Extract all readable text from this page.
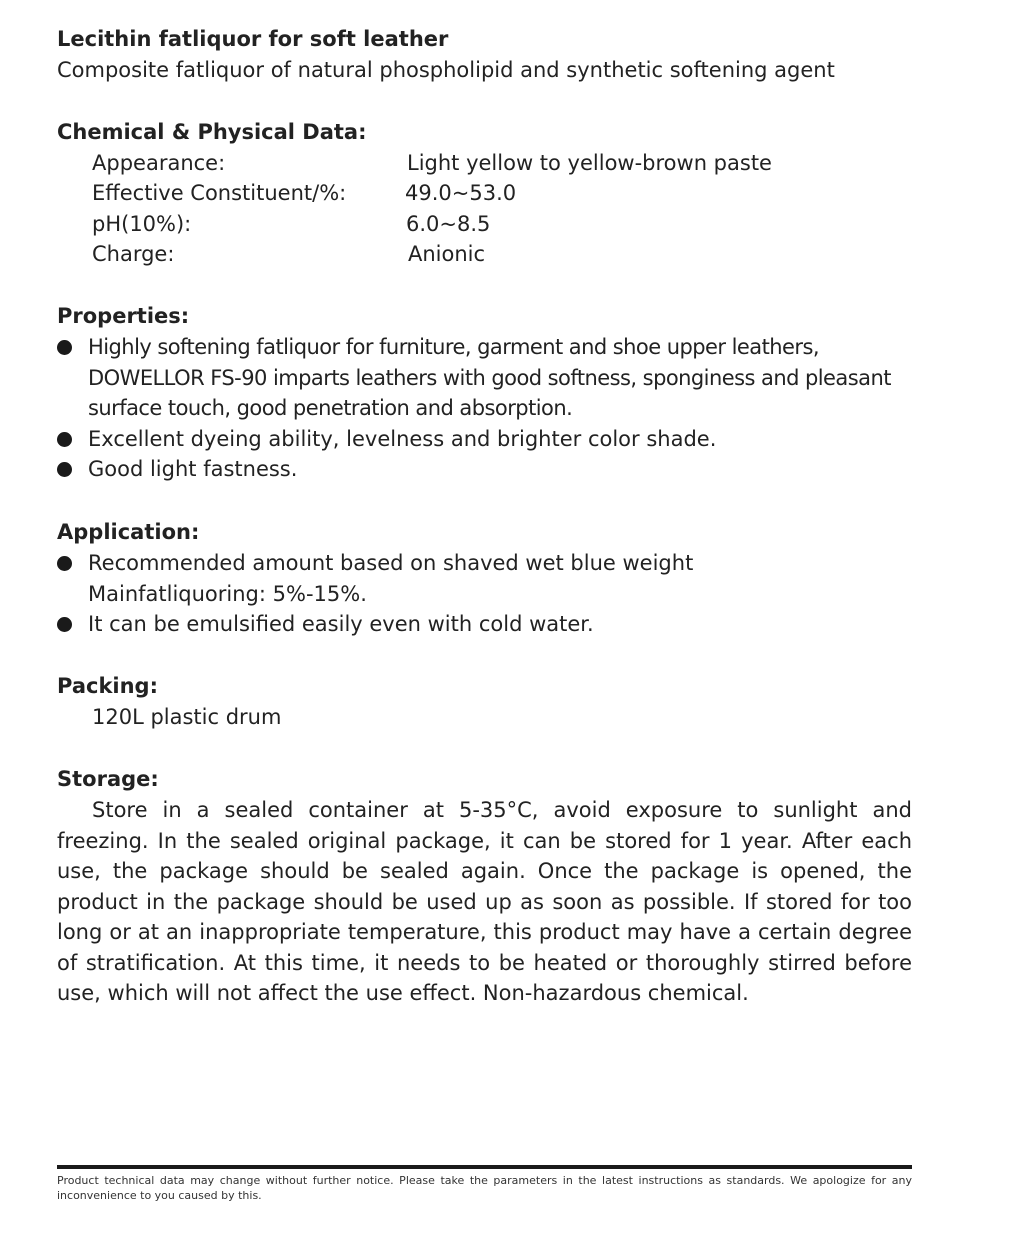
Lecithin fatliquor for soft leather
Composite fatliquor of natural phospholipid and synthetic softening agent
Chemical & Physical Data:
Appearance:	Light yellow to yellow-brown paste
Effective Constituent/%:	49.0~53.0
pH(10%):	6.0~8.5
Charge:	Anionic
Properties:
Highly softening fatliquor for furniture, garment and shoe upper leathers, DOWELLOR FS-90 imparts leathers with good softness, sponginess and pleasant surface touch, good penetration and absorption.
Excellent dyeing ability, levelness and brighter color shade.
Good light fastness.
Application:
Recommended amount based on shaved wet blue weight
Mainfatliquoring: 5%-15%.
It can be emulsified easily even with cold water.
Packing:
120L plastic drum
Storage:

Store in a sealed container at 5-35°C, avoid exposure to sunlight and freezing. In the sealed original package, it can be stored for 1 year. After each use, the package should be sealed again. Once the package is opened, the product in the package should be used up as soon as possible. If stored for too long or at an inappropriate temperature, this product may have a certain degree of stratification. At this time, it needs to be heated or thoroughly stirred before use, which will not affect the use effect. Non-hazardous chemical.

Product technical data may change without further notice. Please take the parameters in the latest instructions as standards. We apologize for any inconvenience to you caused by this.
